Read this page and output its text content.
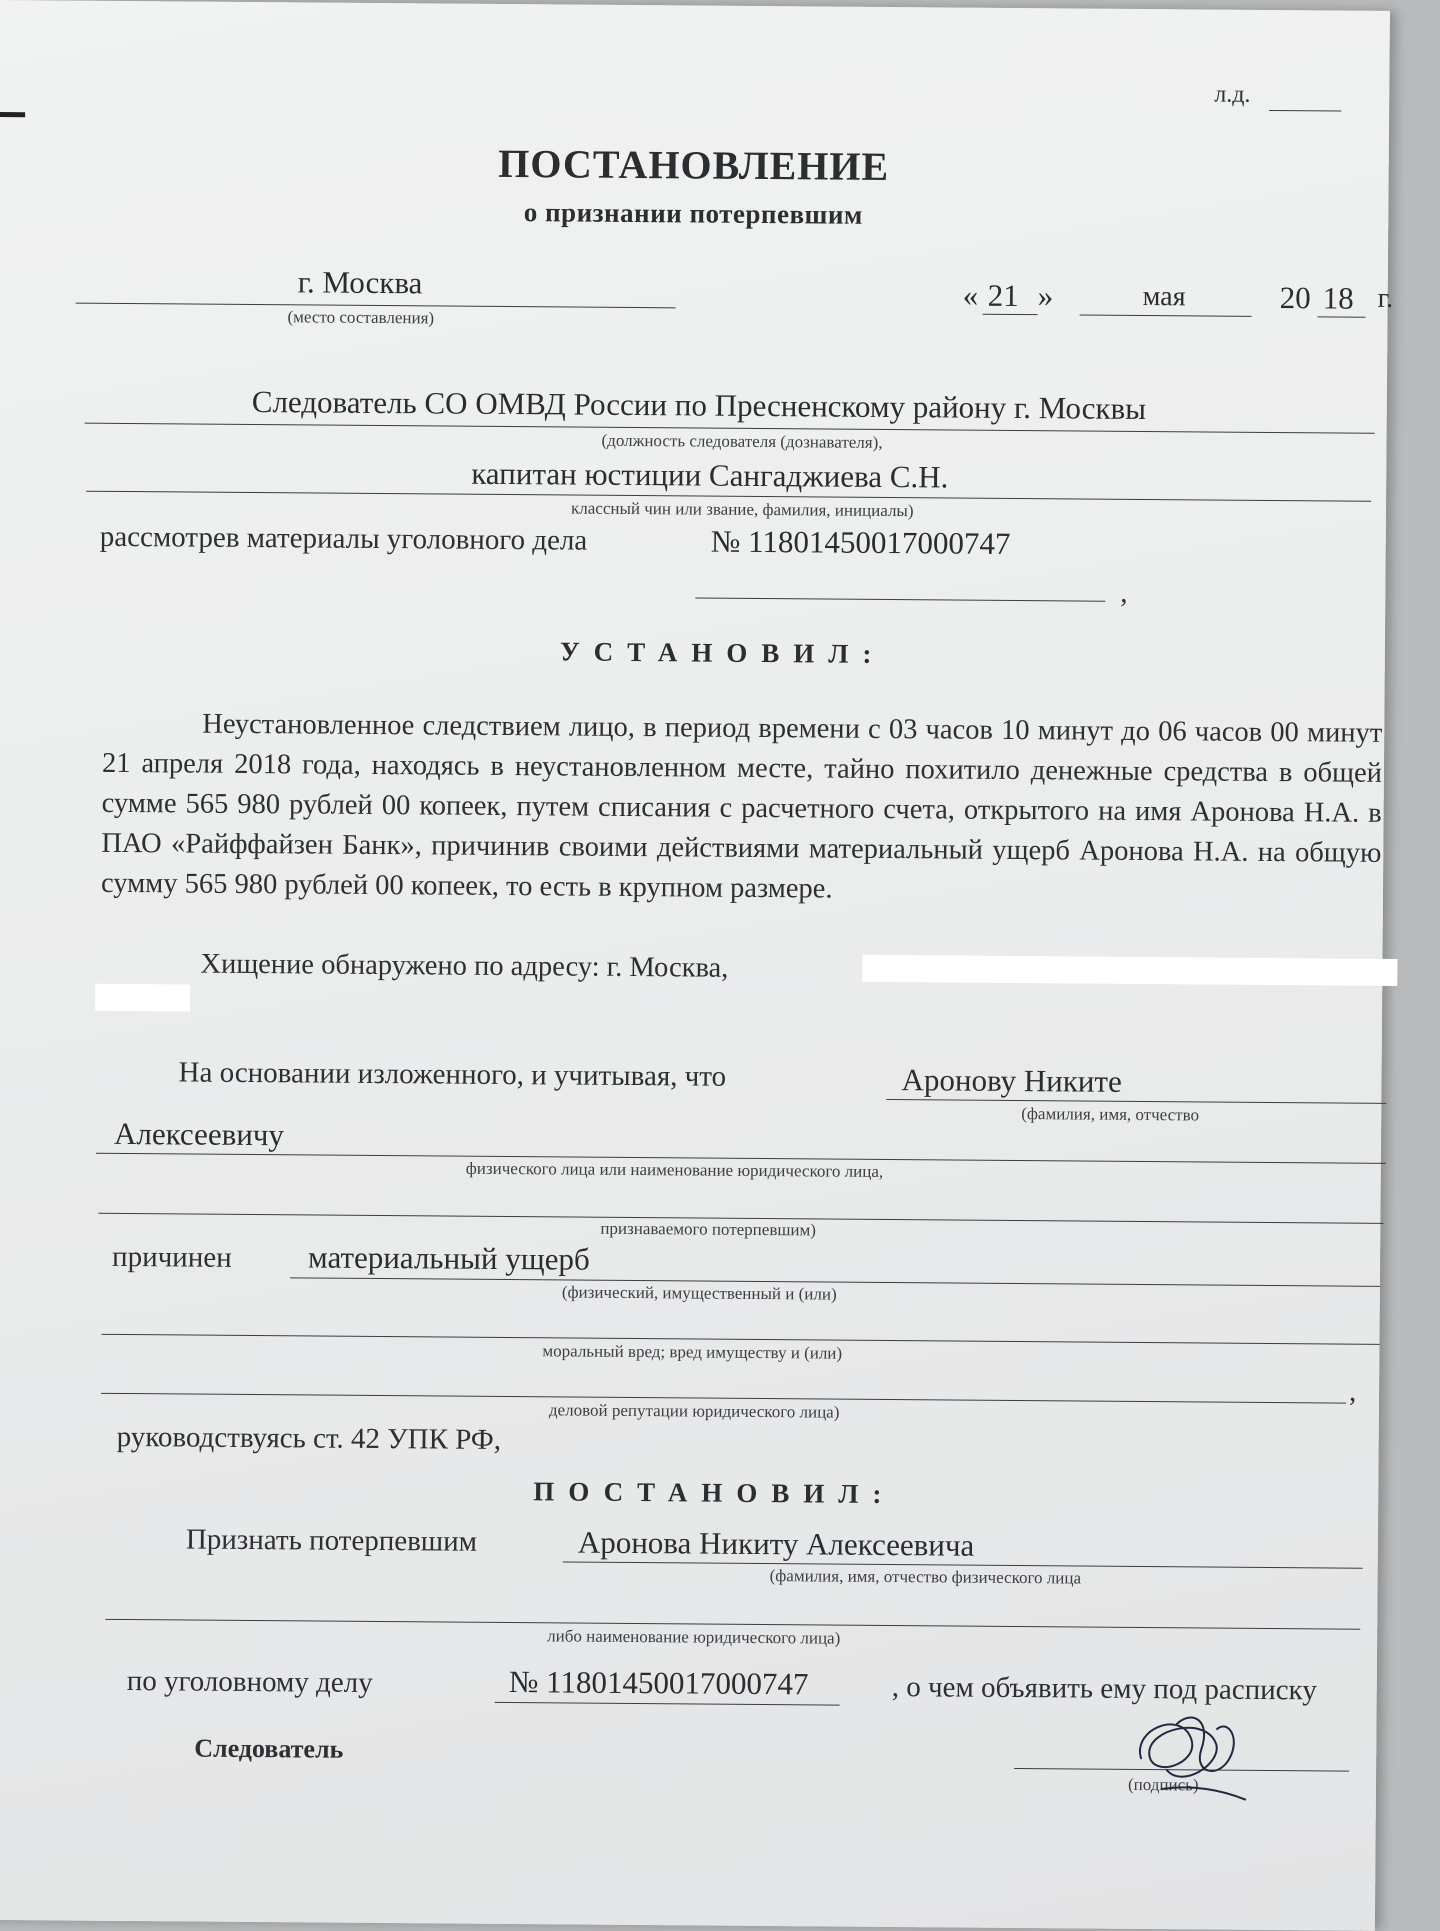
л.д.
ПОСТАНОВЛЕНИЕ
о признании потерпевшим
г. Москва
(место составления)
« 21 »	мая	20 18 г.
Следователь СО ОМВД России по Пресненскому району г. Москвы
(должность следователя (дознавателя),
капитан юстиции Сангаджиева С.Н.
классный чин или звание, фамилия, инициалы)
рассмотрев материалы уголовного дела	№ 11801450017000747
,
УСТАНОВИЛ:
Неустановленное следствием лицо, в период времени с 03 часов 10 минут до 06 часов 00 минут 21 апреля 2018 года, находясь в неустановленном месте, тайно похитило денежные средства в общей сумме 565 980 рублей 00 копеек, путем списания с расчетного счета, открытого на имя Аронова Н.А. в ПАО «Райффайзен Банк», причинив своими действиями материальный ущерб Аронова Н.А. на общую сумму 565 980 рублей 00 копеек, то есть в крупном размере.
Хищение обнаружено по адресу: г. Москва,
На основании изложенного, и учитывая, что	Аронову Никите
(фамилия, имя, отчество
Алексеевичу
физического лица или наименование юридического лица,
признаваемого потерпевшим)
причинен материальный ущерб
(физический, имущественный и (или)
моральный вред; вред имуществу и (или)
,
деловой репутации юридического лица)
руководствуясь ст. 42 УПК РФ,
ПОСТАНОВИЛ:
Признать потерпевшим	Аронова Никиту Алексеевича
(фамилия, имя, отчество физического лица
либо наименование юридического лица)
по уголовному делу	№ 11801450017000747	, о чем объявить ему под расписку
Следователь
(подпись)
